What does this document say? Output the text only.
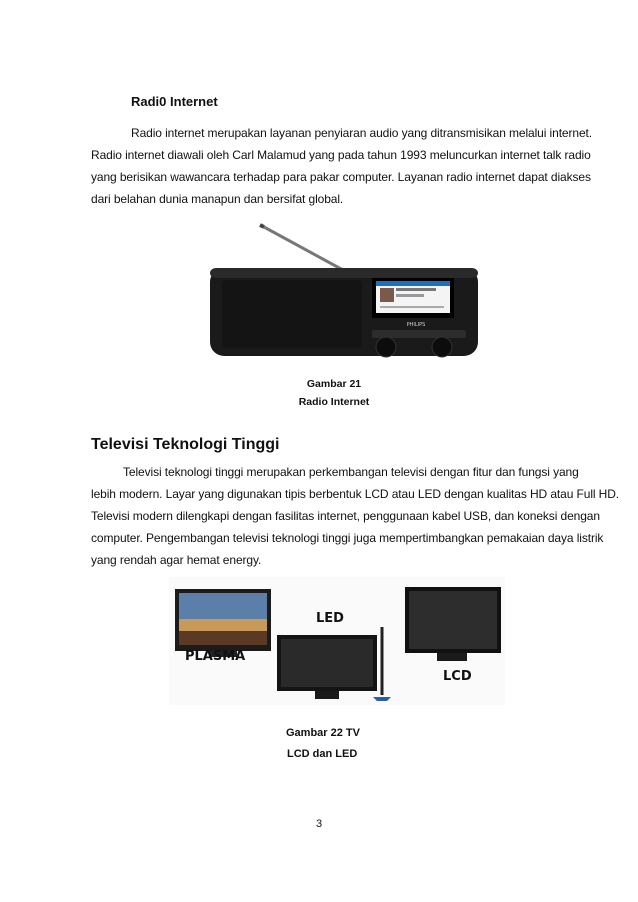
Radi0 Internet

Radio internet merupakan layanan penyiaran audio yang ditransmisikan melalui internet.

Radio internet diawali oleh Carl Malamud yang pada tahun 1993 meluncurkan internet talk radio

yang berisikan wawancara terhadap para pakar computer. Layanan radio internet dapat diakses

dari belahan dunia manapun dan bersifat global.

PHILIPS
Gambar 21
Radio Internet
Televisi Teknologi Tinggi

Televisi teknologi tinggi merupakan perkembangan televisi dengan fitur dan fungsi yang

lebih modern. Layar yang digunakan tipis berbentuk LCD atau LED dengan kualitas HD atau Full HD.

Televisi modern dilengkapi dengan fasilitas internet, penggunaan kabel USB, dan koneksi dengan

computer. Pengembangan televisi teknologi tinggi juga mempertimbangkan pemakaian daya listrik

yang rendah agar hemat energy.

PLASMA
LED
LCD
Gambar 22 TV
LCD dan LED
3
